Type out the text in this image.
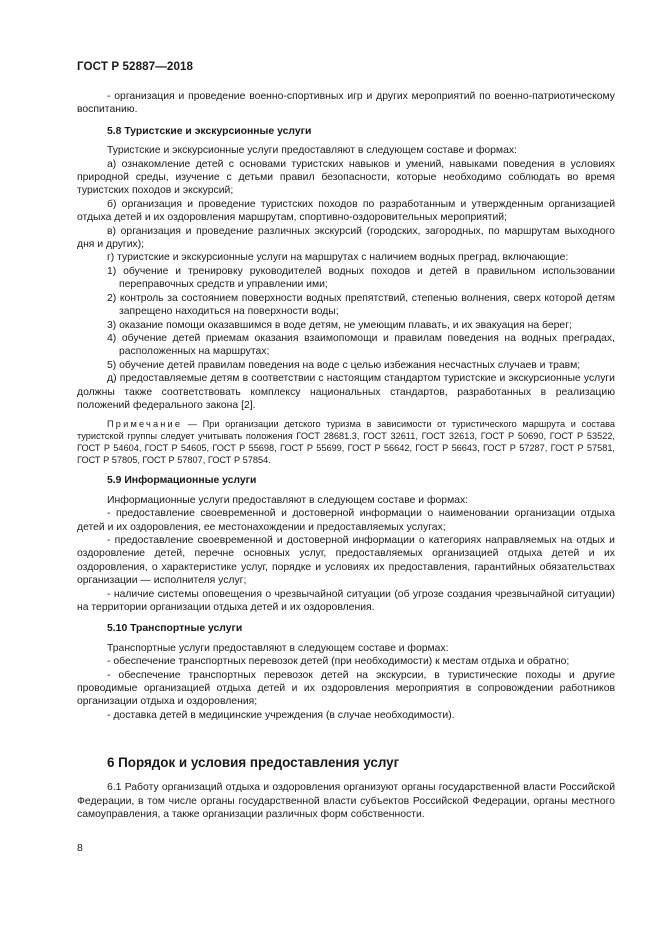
ГОСТ Р 52887—2018

- организация и проведение военно-спортивных игр и других мероприятий по военно-патриотическому воспитанию.

5.8 Туристские и экскурсионные услуги

Туристские и экскурсионные услуги предоставляют в следующем составе и формах:

а) ознакомление детей с основами туристских навыков и умений, навыками поведения в условиях природной среды, изучение с детьми правил безопасности, которые необходимо соблюдать во время туристских походов и экскурсий;

б) организация и проведение туристских походов по разработанным и утвержденным организацией отдыха детей и их оздоровления маршрутам, спортивно-оздоровительных мероприятий;

в) организация и проведение различных экскурсий (городских, загородных, по маршрутам выходного дня и других);

г) туристские и экскурсионные услуги на маршрутах с наличием водных преград, включающие:

1) обучение и тренировку руководителей водных походов и детей в правильном использовании переправочных средств и управлении ими;

2) контроль за состоянием поверхности водных препятствий, степенью волнения, сверх которой детям запрещено находиться на поверхности воды;

3) оказание помощи оказавшимся в воде детям, не умеющим плавать, и их эвакуация на берег;

4) обучение детей приемам оказания взаимопомощи и правилам поведения на водных преградах, расположенных на маршрутах;

5) обучение детей правилам поведения на воде с целью избежания несчастных случаев и травм;

д) предоставляемые детям в соответствии с настоящим стандартом туристские и экскурсионные услуги должны также соответствовать комплексу национальных стандартов, разработанных в реализацию положений федерального закона [2].

Примечание — При организации детского туризма в зависимости от туристического маршрута и состава туристской группы следует учитывать положения ГОСТ 28681.3, ГОСТ 32611, ГОСТ 32613, ГОСТ Р 50690, ГОСТ Р 53522, ГОСТ Р 54604, ГОСТ Р 54605, ГОСТ Р 55698, ГОСТ Р 55699, ГОСТ Р 56642, ГОСТ Р 56643, ГОСТ Р 57287, ГОСТ Р 57581, ГОСТ Р 57805, ГОСТ Р 57807, ГОСТ Р 57854.

5.9 Информационные услуги

Информационные услуги предоставляют в следующем составе и формах:

- предоставление своевременной и достоверной информации о наименовании организации отдыха детей и их оздоровления, ее местонахождении и предоставляемых услугах;

- предоставление своевременной и достоверной информации о категориях направляемых на отдых и оздоровление детей, перечне основных услуг, предоставляемых организацией отдыха детей и их оздоровления, о характеристике услуг, порядке и условиях их предоставления, гарантийных обязательствах организации — исполнителя услуг;

- наличие системы оповещения о чрезвычайной ситуации (об угрозе создания чрезвычайной ситуации) на территории организации отдыха детей и их оздоровления.

5.10 Транспортные услуги

Транспортные услуги предоставляют в следующем составе и формах:

- обеспечение транспортных перевозок детей (при необходимости) к местам отдыха и обратно;

- обеспечение транспортных перевозок детей на экскурсии, в туристические походы и другие проводимые организацией отдыха детей и их оздоровления мероприятия в сопровождении работников организации отдыха и оздоровления;

- доставка детей в медицинские учреждения (в случае необходимости).

6 Порядок и условия предоставления услуг

6.1 Работу организаций отдыха и оздоровления организуют органы государственной власти Российской Федерации, в том числе органы государственной власти субъектов Российской Федерации, органы местного самоуправления, а также организации различных форм собственности.

8
